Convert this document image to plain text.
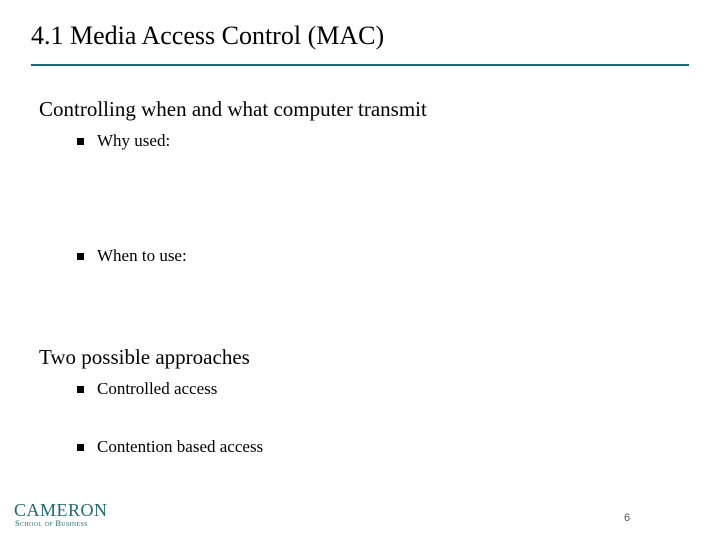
4.1 Media Access Control (MAC)
Controlling when and what computer transmit
Why used:
When to use:
Two possible approaches
Controlled access
Contention based access
CAMERON
School of Business	6
